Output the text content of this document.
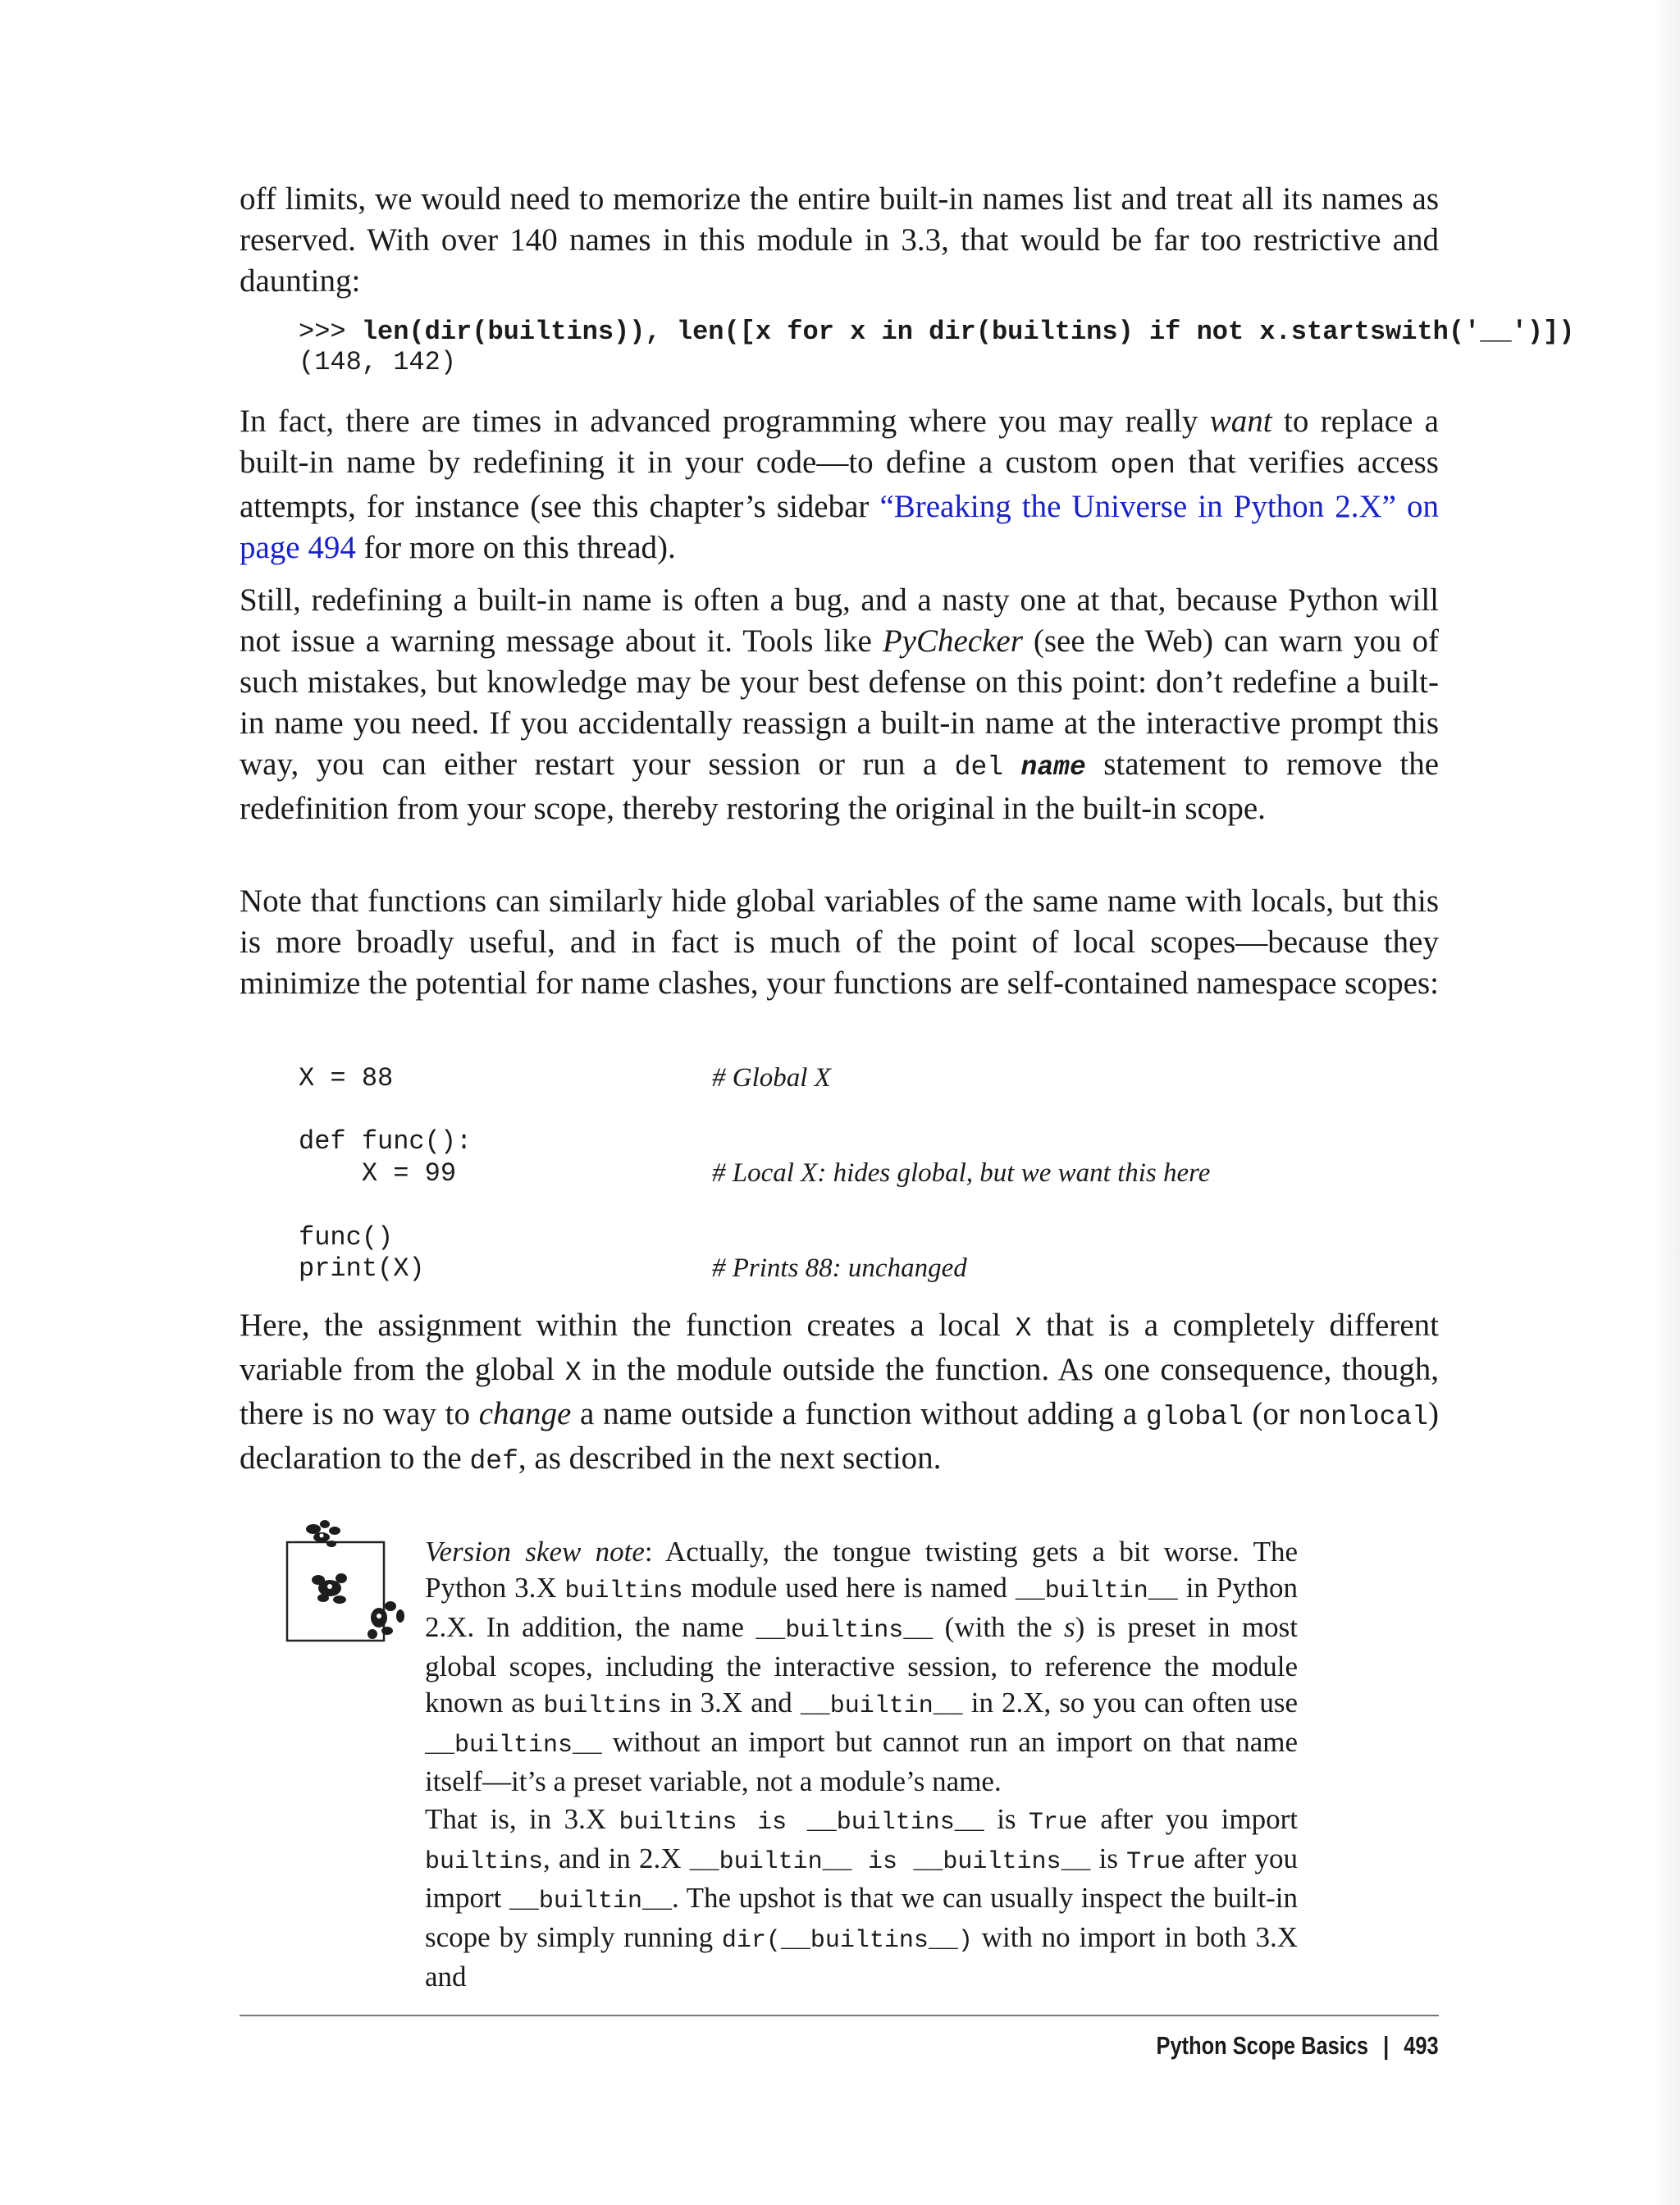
off limits, we would need to memorize the entire built-in names list and treat all its names as reserved. With over 140 names in this module in 3.3, that would be far too restrictive and daunting:

>>> len(dir(builtins)), len([x for x in dir(builtins) if not x.startswith('__')])
(148, 142)

In fact, there are times in advanced programming where you may really want to replace a built-in name by redefining it in your code—to define a custom open that verifies access attempts, for instance (see this chapter’s sidebar “Breaking the Universe in Python 2.X” on page 494 for more on this thread).

Still, redefining a built-in name is often a bug, and a nasty one at that, because Python will not issue a warning message about it. Tools like PyChecker (see the Web) can warn you of such mistakes, but knowledge may be your best defense on this point: don’t redefine a built-in name you need. If you accidentally reassign a built-in name at the interactive prompt this way, you can either restart your session or run a del name statement to remove the redefinition from your scope, thereby restoring the original in the built-in scope.

Note that functions can similarly hide global variables of the same name with locals, but this is more broadly useful, and in fact is much of the point of local scopes—because they minimize the potential for name clashes, your functions are self-contained namespace scopes:

X = 88	# Global X
def func():
X = 99	# Local X: hides global, but we want this here
func()
print(X)	# Prints 88: unchanged

Here, the assignment within the function creates a local X that is a completely different variable from the global X in the module outside the function. As one consequence, though, there is no way to change a name outside a function without adding a global (or nonlocal) declaration to the def, as described in the next section.

Version skew note: Actually, the tongue twisting gets a bit worse. The Python 3.X builtins module used here is named __builtin__ in Python 2.X. In addition, the name __builtins__ (with the s) is preset in most global scopes, including the interactive session, to reference the module known as builtins in 3.X and __builtin__ in 2.X, so you can often use __builtins__ without an import but cannot run an import on that name itself—it’s a preset variable, not a module’s name.

That is, in 3.X builtins is __builtins__ is True after you import builtins, and in 2.X __builtin__ is __builtins__ is True after you import __builtin__. The upshot is that we can usually inspect the built-in scope by simply running dir(__builtins__) with no import in both 3.X and

Python Scope Basics | 493
